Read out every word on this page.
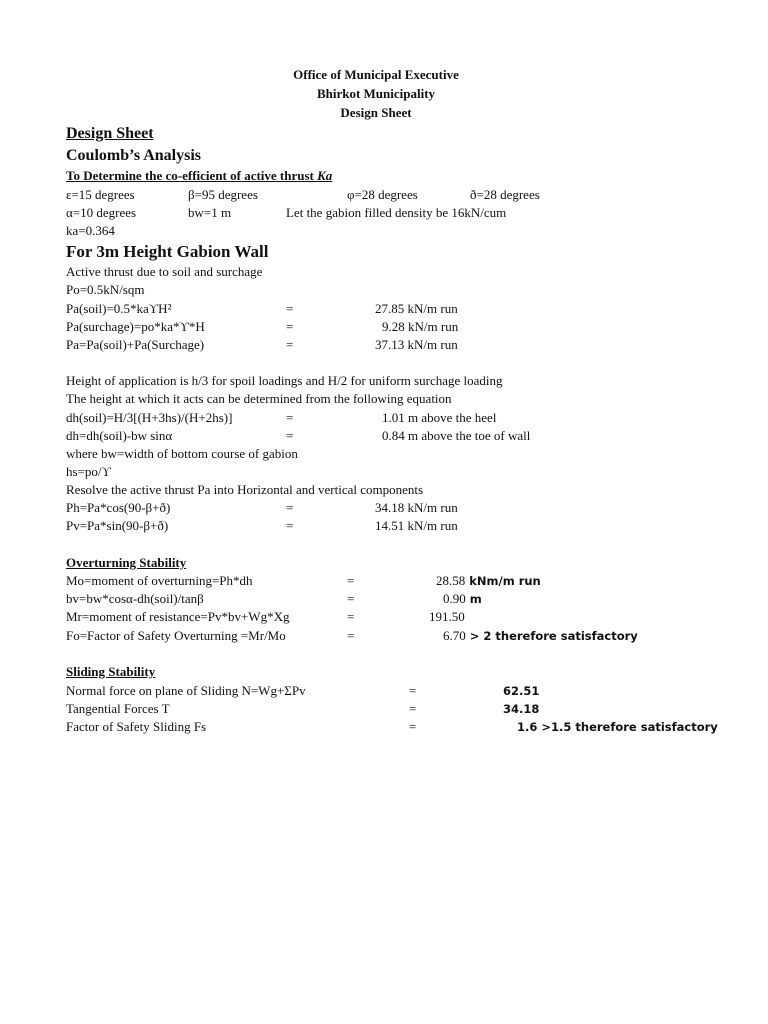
Office of Municipal Executive
Bhirkot Municipality
Design Sheet
Design Sheet
Coulomb’s Analysis
To Determine the co-efficient of active thrust Ka
ε=15 degrees	β=95 degrees	φ=28 degrees	ð=28 degrees
α=10 degrees	bw=1 m	Let the gabion filled density be 16kN/cum
ka=0.364
For 3m Height Gabion Wall
Active thrust due to soil and surchage
Po=0.5kN/sqm
Pa(soil)=0.5*kaϒH²	=	27.85 kN/m run
Pa(surchage)=po*ka*ϒ*H	=	9.28 kN/m run
Pa=Pa(soil)+Pa(Surchage)	=	37.13 kN/m run
Height of application is h/3 for spoil loadings and H/2 for uniform surchage loading
The height at which it acts can be determined from the following equation
dh(soil)=H/3[(H+3hs)/(H+2hs)]	=	1.01 m above the heel
dh=dh(soil)-bw sinα	=	0.84 m above the toe of wall
where bw=width of bottom course of gabion
hs=po/ϒ
Resolve the active thrust Pa into Horizontal and vertical components
Ph=Pa*cos(90-β+ð)	=	34.18 kN/m run
Pv=Pa*sin(90-β+ð)	=	14.51 kN/m run
Overturning Stability
Mo=moment of overturning=Ph*dh	=	28.58 kNm/m run
bv=bw*cosα-dh(soil)/tanβ	=	0.90 m
Mr=moment of resistance=Pv*bv+Wg*Xg	=	191.50
Fo=Factor of Safety Overturning =Mr/Mo	=	6.70 > 2 therefore satisfactory
Sliding Stability
Normal force on plane of Sliding N=Wg+ΣPv	=	62.51
Tangential Forces T	=	34.18
Factor of Safety Sliding Fs	=	1.6 >1.5 therefore satisfactory
